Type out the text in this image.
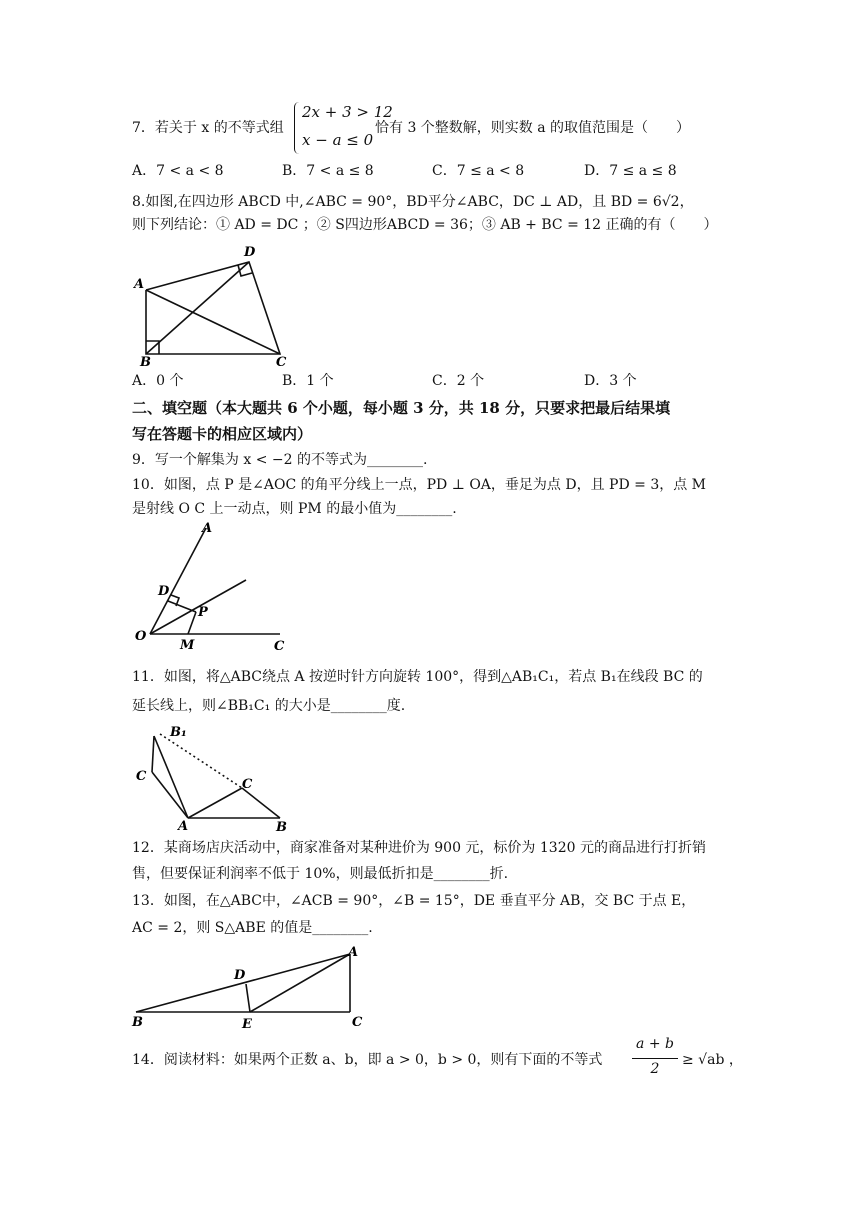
7．若关于 x 的不等式组
2x + 3 > 12
x − a ≤ 0
恰有 3 个整数解，则实数 a 的取值范围是（　　）
A．7 < a < 8	B．7 < a ≤ 8	C．7 ≤ a < 8	D．7 ≤ a ≤ 8
8.如图,在四边形 ABCD 中,∠ABC = 90°，BD平分∠ABC，DC ⊥ AD，且 BD = 6√2，
则下列结论：① AD = DC ；② S四边形ABCD = 36；③ AB + BC = 12 正确的有（　　）
A
B	C
D
A．0 个	B．1 个	C．2 个	D．3 个
二、填空题（本大题共 6 个小题，每小题 3 分，共 18 分，只要求把最后结果填
写在答题卡的相应区域内）
9．写一个解集为 x < −2 的不等式为________.
10．如图，点 P 是∠AOC 的角平分线上一点，PD ⊥ OA，垂足为点 D，且 PD = 3，点 M
是射线 O C 上一动点，则 PM 的最小值为________.
A
D
P
O
M	C
11．如图，将△ABC绕点 A 按逆时针方向旋转 100°，得到△AB₁C₁，若点 B₁在线段 BC 的
延长线上，则∠BB₁C₁ 的大小是________度.
B₁
C
C
A	B
12．某商场店庆活动中，商家准备对某种进价为 900 元，标价为 1320 元的商品进行打折销
售，但要保证利润率不低于 10%，则最低折扣是________折.
13．如图，在△ABC中，∠ACB = 90°，∠B = 15°，DE 垂直平分 AB，交 BC 于点 E，
AC = 2，则 S△ABE 的值是________.
A
D
B	E	C
14．阅读材料：如果两个正数 a、b，即 a > 0，b > 0，则有下面的不等式
a + b
2
≥ √ab ，
